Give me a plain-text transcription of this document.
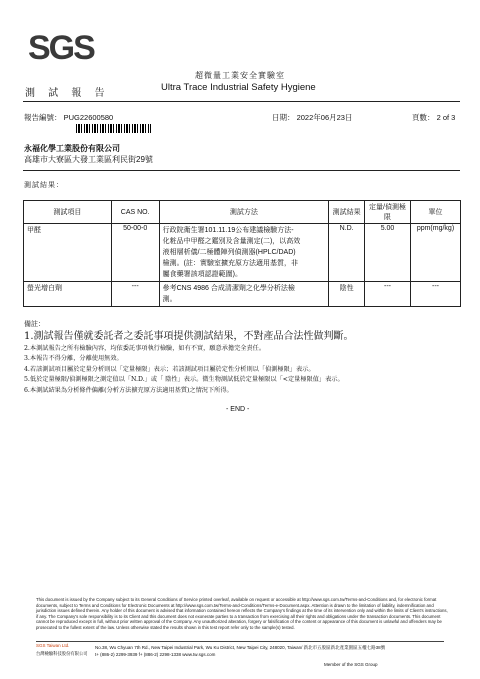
SGS
超微量工業安全實驗室
Ultra Trace Industrial Safety Hygiene
測 試 報 告
報告編號： PUG22600580	日期： 2022年06月23日	頁數： 2 of 3
永福化學工業股份有限公司
高雄市大寮區大發工業區利民街29號
測試結果：
測試項目	CAS NO.	測試方法	測試結果	定量/偵測極限	單位
甲醛	50-00-0	行政院衛生署101.11.19公布建議檢驗方法-
化粧品中甲醛之鑑別及含量測定(二)，以高效
液相層析儀/二極體陣列偵測器(HPLC/DAD)
檢測。(註：實驗室擴充原方法適用基質，非
屬食藥署該項認證範圍)。	N.D.	5.00	ppm(mg/kg)
螢光增白劑	---	參考CNS 4986 合成清潔劑之化學分析法檢
測。	陰性	---	---
備註：
1.測試報告僅就委託者之委託事項提供測試結果，不對產品合法性做判斷。
2.本測試報告之所有檢驗內容，均依委託事項執行檢驗，如有不實，願意承擔完全責任。
3.本報告不得分離，分離使用無效。
4.若該測試項目屬於定量分析則以「定量極限」表示；若該測試項目屬於定性分析則以「偵測極限」表示。
5.低於定量極限/偵測極限之測定值以「N.D.」或「 陰性」表示。微生物測試低於定量極限以「<定量極限值」表示。
6.本測試結果為分析條件偏離(分析方法擴充原方法適用基質)之情況下所得。
- END -
This document is issued by the Company subject to its General Conditions of Service printed overleaf, available on request or accessible at http://www.sgs.com.tw/Terms-and-Conditions and, for electronic format documents, subject to Terms and Conditions for Electronic Documents at http://www.sgs.com.tw/Terms-and-Conditions/Terms-e-Document.aspx. Attention is drawn to the limitation of liability, indemnification and jurisdiction issues defined therein. Any holder of this document is advised that information contained hereon reflects the Company's findings at the time of its intervention only and within the limits of Client's instructions, if any. The Company's sole responsibility is to its Client and this document does not exonerate parties to a transaction from exercising all their rights and obligations under the transaction documents. This document cannot be reproduced except in full, without prior written approval of the Company. Any unauthorized alteration, forgery or falsification of the content or appearance of this document is unlawful and offenders may be prosecuted to the fullest extent of the law. Unless otherwise stated the results shown in this test report refer only to the sample(s) tested.
SGS Taiwan Ltd.
台灣檢驗科技股份有限公司
No.38, Wu Chyuan 7th Rd., New Taipei Industrial Park, Wu Ku District, New Taipei City, 248020, Taiwan/ 新北市五股區新北產業園區五權七路38號
t+ (886-2) 2299-3939 f+ (886-2) 2298-1338 www.tw.sgs.com
Member of the SGS Group
